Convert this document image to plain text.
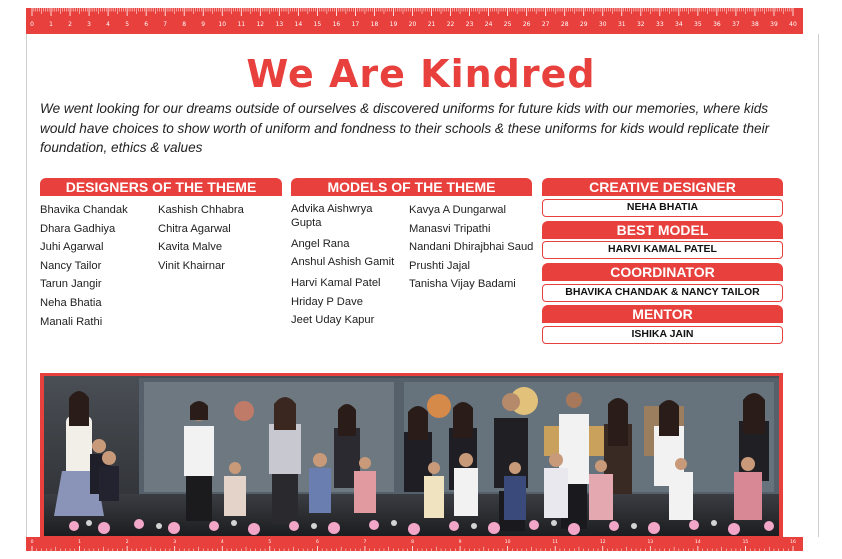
0	1	2	3	4	5	6	7	8	9 10 11 12 13 14 15 16 17 18 19 20 21 22 23 24 25 26 27 28 29 30 31 32 33 34 35 36 37 38 39 40
We Are Kindred

We went looking for our dreams outside of ourselves & discovered uniforms for future kids with our memories, where kids would have choices to show worth of uniform and fondness to their schools & these uniforms for kids would replicate their foundation, ethics & values

DESIGNERS OF THE THEME
Bhavika Chandak
Dhara Gadhiya
Juhi Agarwal
Nancy Tailor
Tarun Jangir
Neha Bhatia
Manali Rathi
Kashish Chhabra
Chitra Agarwal
Kavita Malve
Vinit Khairnar
MODELS OF THE THEME
Advika Aishwrya Gupta
Angel Rana
Anshul Ashish Gamit
Harvi Kamal Patel
Hriday P Dave
Jeet Uday Kapur
Kavya A Dungarwal
Manasvi Tripathi
Nandani Dhirajbhai Saud
Prushti Jajal
Tanisha Vijay Badami
CREATIVE DESIGNER
NEHA BHATIA
BEST MODEL
HARVI KAMAL PATEL
COORDINATOR
BHAVIKA CHANDAK & NANCY TAILOR
MENTOR
ISHIKA JAIN
0	1	2	3	4	5	6	7	8	9	10	11	12	13	14	15	16
